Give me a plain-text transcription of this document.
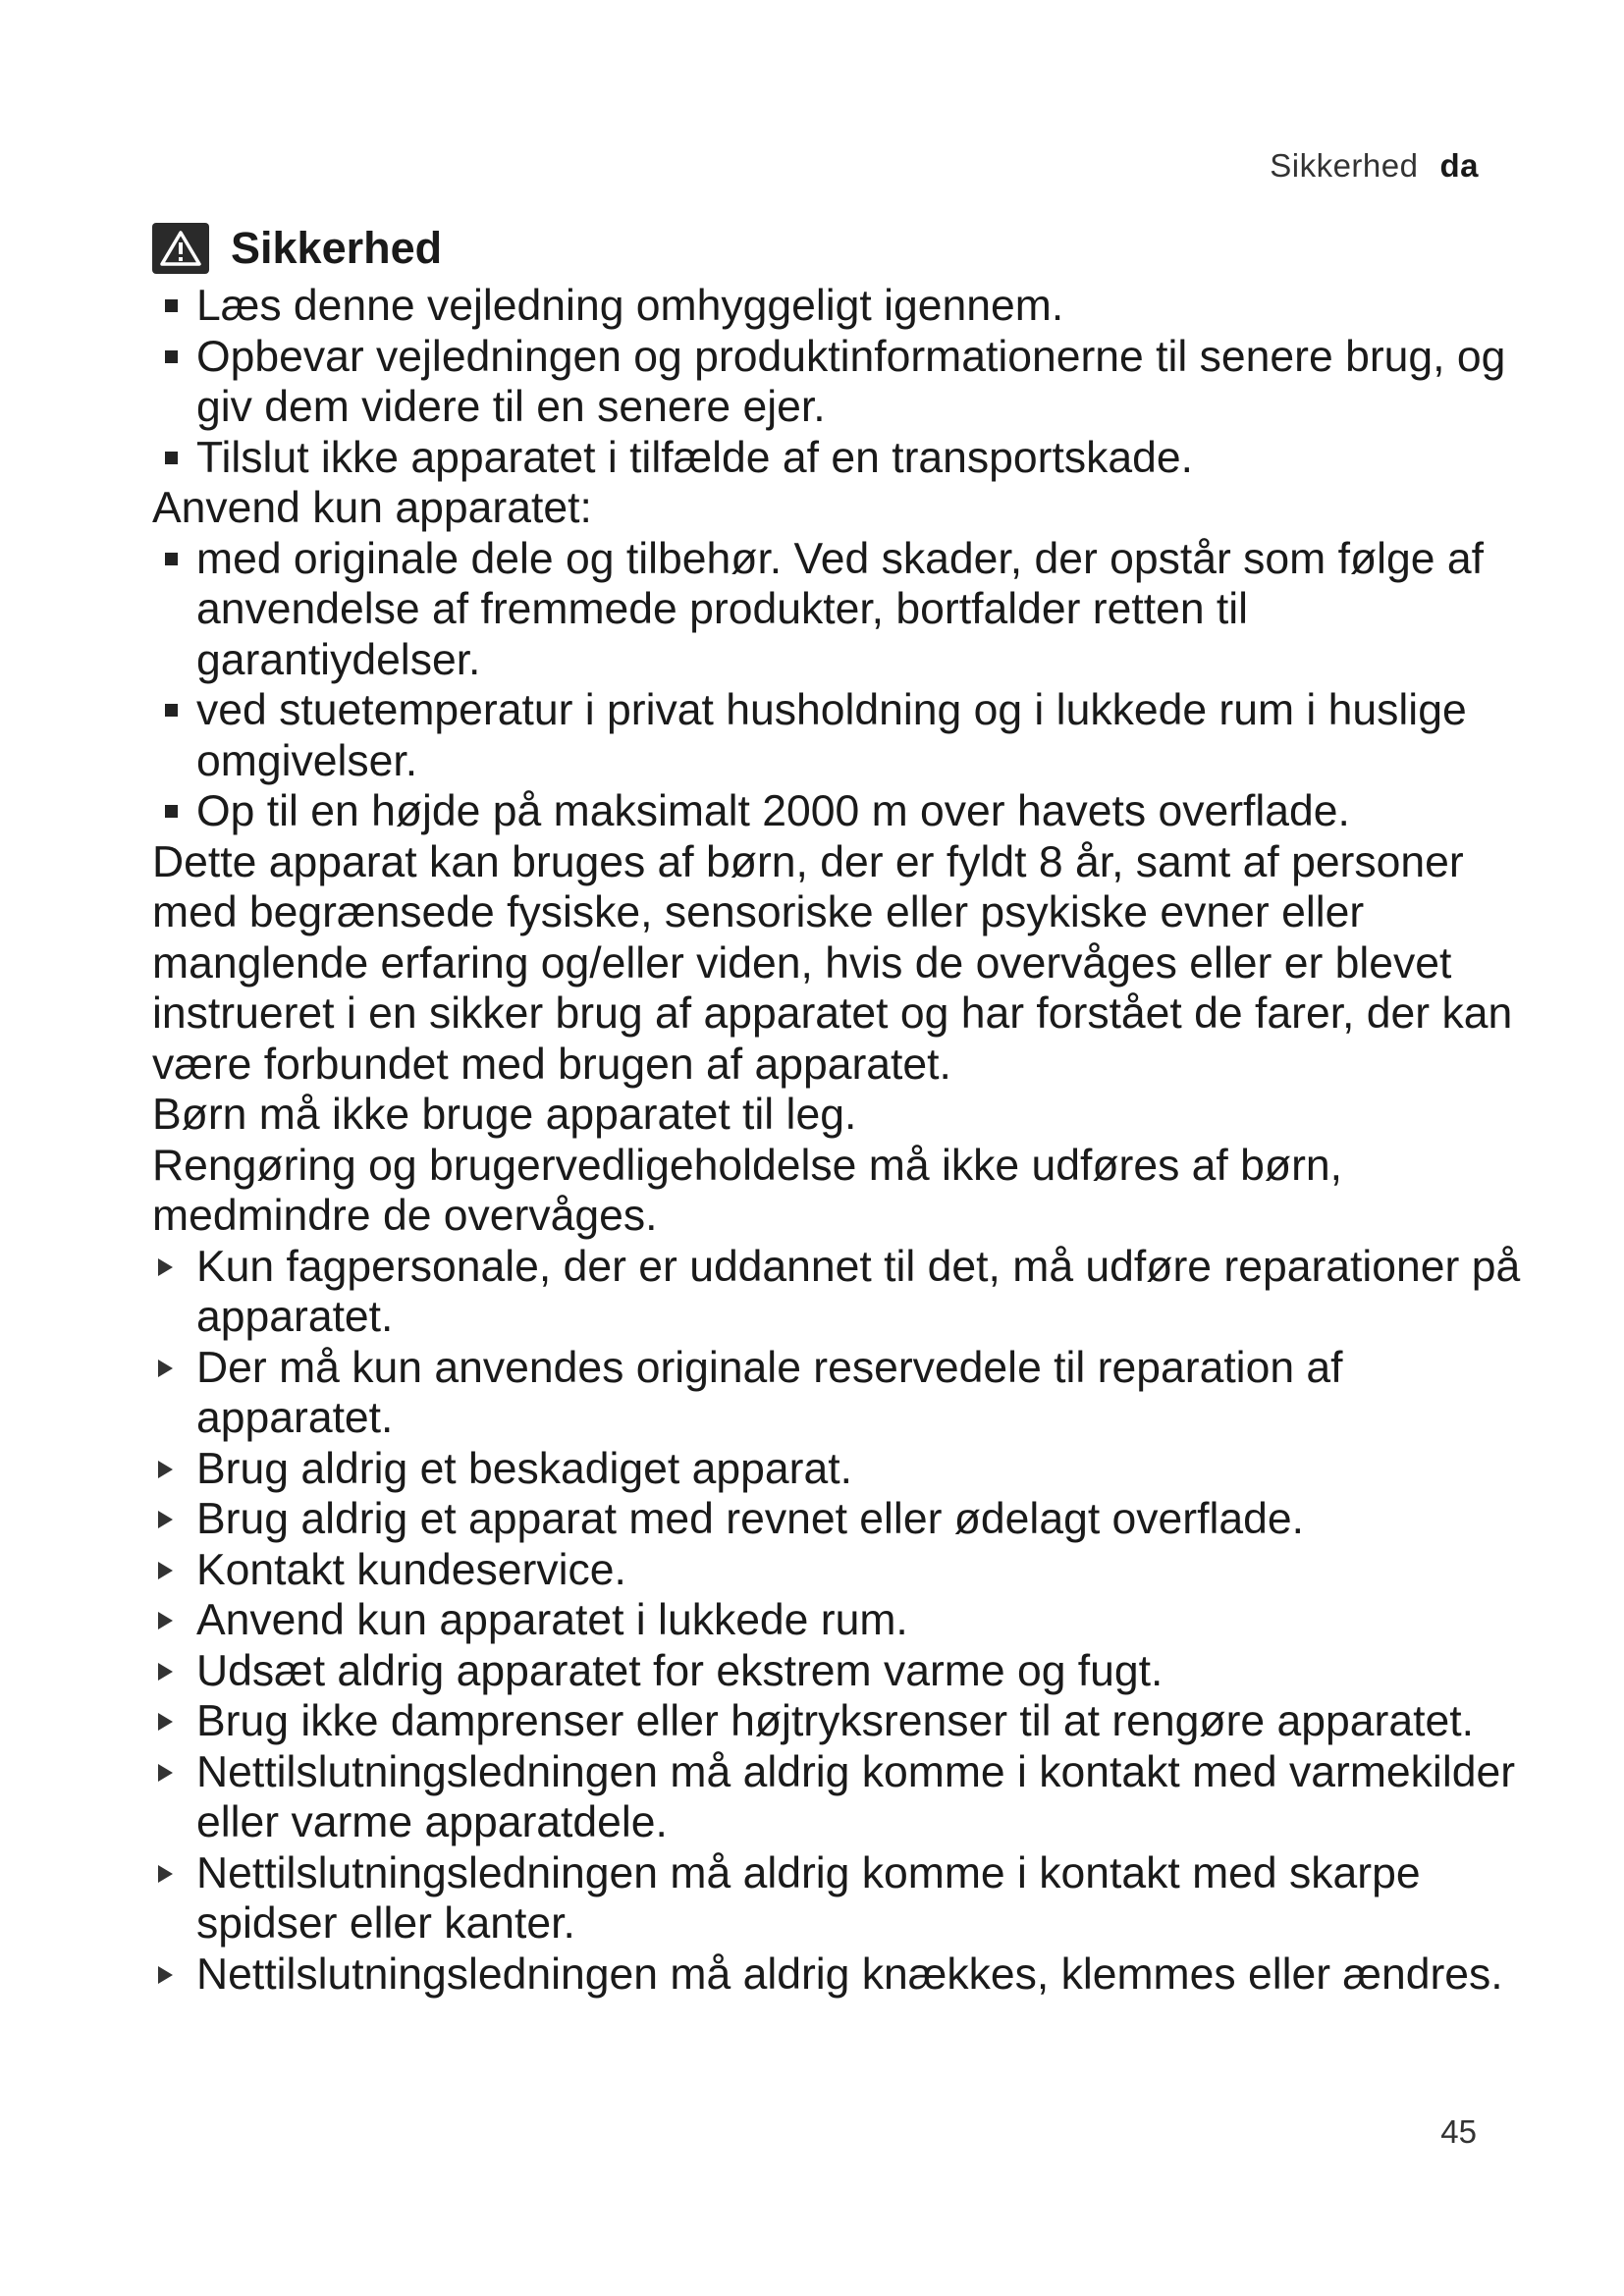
Sikkerhed da
Sikkerhed
Læs denne vejledning omhyggeligt igennem.
Opbevar vejledningen og produktinformationerne til senere brug, og giv dem videre til en senere ejer.
Tilslut ikke apparatet i tilfælde af en transportskade.

Anvend kun apparatet:

med originale dele og tilbehør. Ved skader, der opstår som følge af anvendelse af fremmede produkter, bortfalder retten til garantiydelser.
ved stuetemperatur i privat husholdning og i lukkede rum i huslige omgivelser.
Op til en højde på maksimalt 2000 m over havets overflade.

Dette apparat kan bruges af børn, der er fyldt 8 år, samt af personer med begrænsede fysiske, sensoriske eller psykiske evner eller manglende erfaring og/eller viden, hvis de overvåges eller er blevet instrueret i en sikker brug af apparatet og har forstået de farer, der kan være forbundet med brugen af apparatet.

Børn må ikke bruge apparatet til leg.

Rengøring og brugervedligeholdelse må ikke udføres af børn, medmindre de overvåges.

Kun fagpersonale, der er uddannet til det, må udføre reparationer på apparatet.
Der må kun anvendes originale reservedele til reparation af apparatet.
Brug aldrig et beskadiget apparat.
Brug aldrig et apparat med revnet eller ødelagt overflade.
Kontakt kundeservice.
Anvend kun apparatet i lukkede rum.
Udsæt aldrig apparatet for ekstrem varme og fugt.
Brug ikke damprenser eller højtryksrenser til at rengøre apparatet.
Nettilslutningsledningen må aldrig komme i kontakt med varmekilder eller varme apparatdele.
Nettilslutningsledningen må aldrig komme i kontakt med skarpe spidser eller kanter.
Nettilslutningsledningen må aldrig knækkes, klemmes eller ændres.
45
